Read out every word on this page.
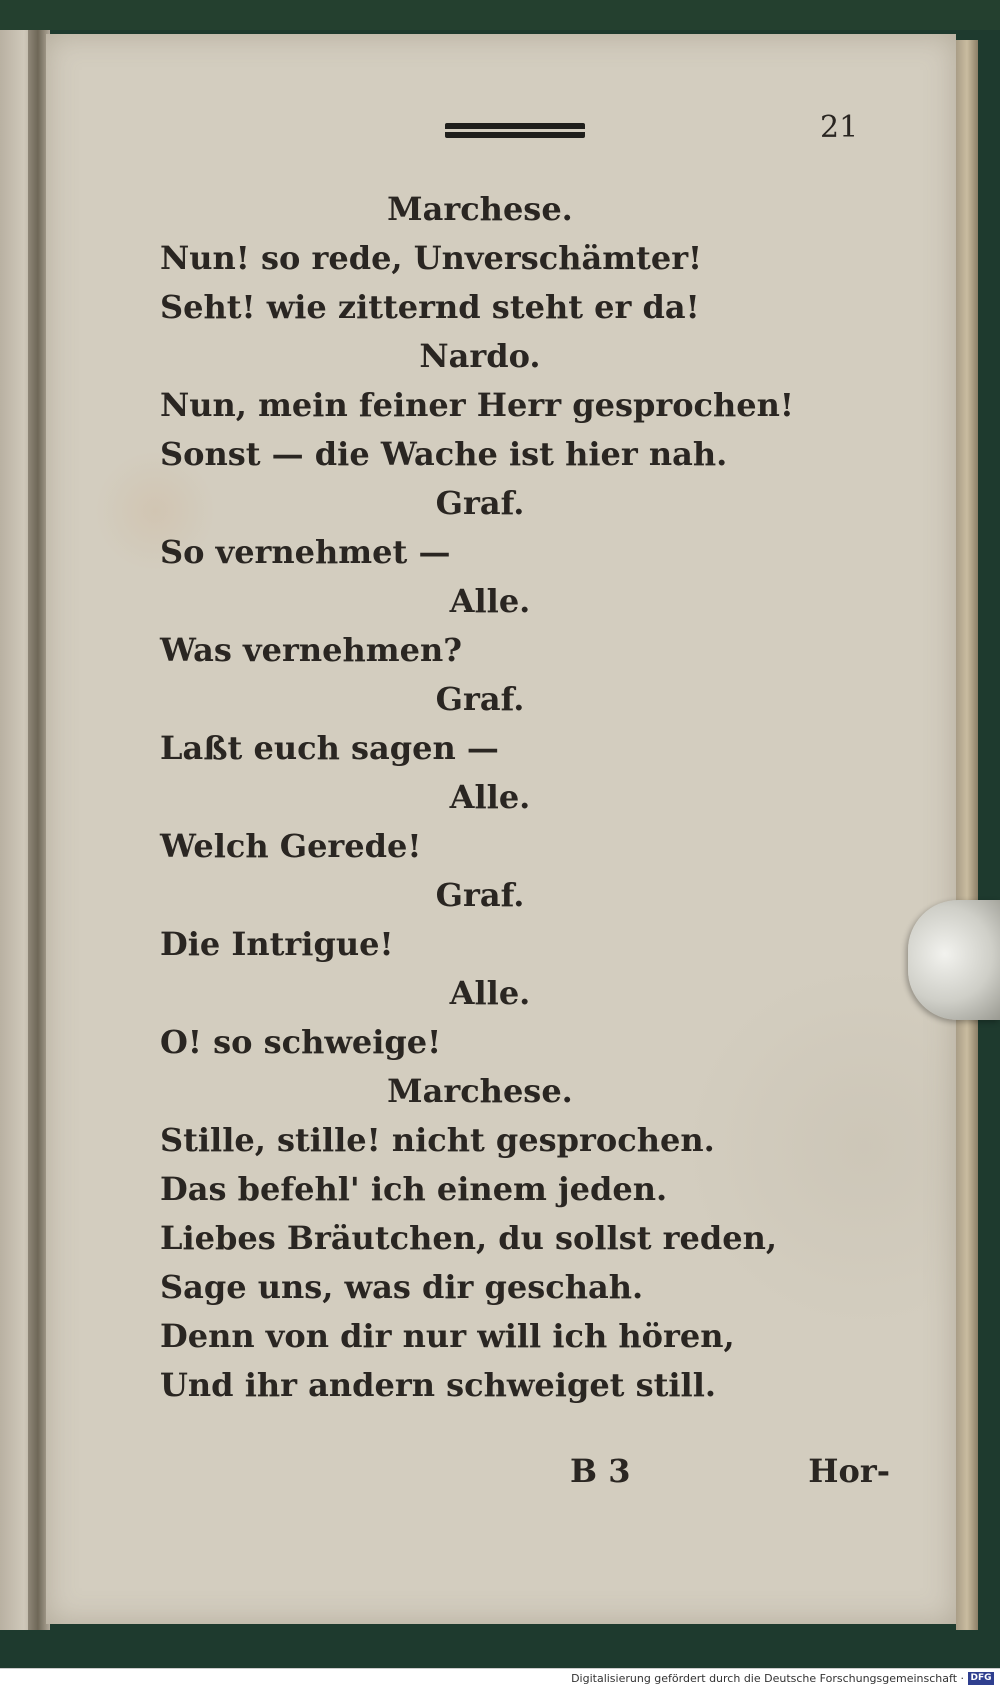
21
Marchese.
Nun! so rede, Unverschämter!
Seht! wie zitternd steht er da!
Nardo.
Nun, mein feiner Herr gesprochen!
Sonst — die Wache ist hier nah.
Graf.
So vernehmet —
Alle.
Was vernehmen?
Graf.
Laßt euch sagen —
Alle.
Welch Gerede!
Graf.
Die Intrigue!
Alle.
O! so schweige!
Marchese.
Stille, stille! nicht gesprochen.
Das befehl' ich einem jeden.
Liebes Bräutchen, du sollst reden,
Sage uns, was dir geschah.
Denn von dir nur will ich hören,
Und ihr andern schweiget still.
B 3	Hor-
Digitalisierung gefördert durch die Deutsche Forschungsgemeinschaft · DFG
